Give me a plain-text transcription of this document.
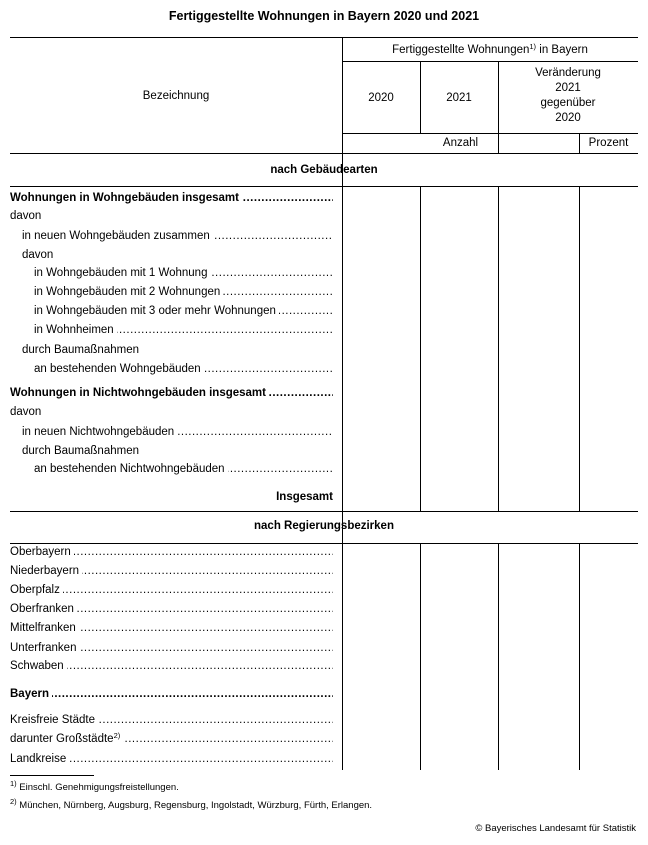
Fertiggestellte Wohnungen in Bayern 2020 und 2021
Bezeichnung
Fertiggestellte Wohnungen$^{1)}$ in Bayern
2020	2021
Veränderung
2021
gegenüber
2020
Anzahl	Prozent
nach Gebäudearten
nach Regierungsbezirken
Wohnungen in Wohngebäuden insgesamt .....
davon
in neuen Wohngebäuden zusammen .....
davon
in Wohngebäuden mit 1 Wohnung .....
in Wohngebäuden mit 2 Wohnungen .....
in Wohngebäuden mit 3 oder mehr Wohnungen .....
in Wohnheimen .....
durch Baumaßnahmen
an bestehenden Wohngebäuden .....
Wohnungen in Nichtwohngebäuden insgesamt .....
davon
in neuen Nichtwohngebäuden .....
durch Baumaßnahmen
an bestehenden Nichtwohngebäuden .....
Insgesamt
Oberbayern .....
Niederbayern .....
Oberpfalz .....
Oberfranken .....
Mittelfranken .....
Unterfranken .....
Schwaben .....
Bayern .....
Kreisfreie Städte .....
darunter Großstädte$^{2)}$ .....
Landkreise .....
$^{1)}$ Einschl. Genehmigungsfreistellungen.
$^{2)}$ München, Nürnberg, Augsburg, Regensburg, Ingolstadt, Würzburg, Fürth, Erlangen.
© Bayerisches Landesamt für Statistik
